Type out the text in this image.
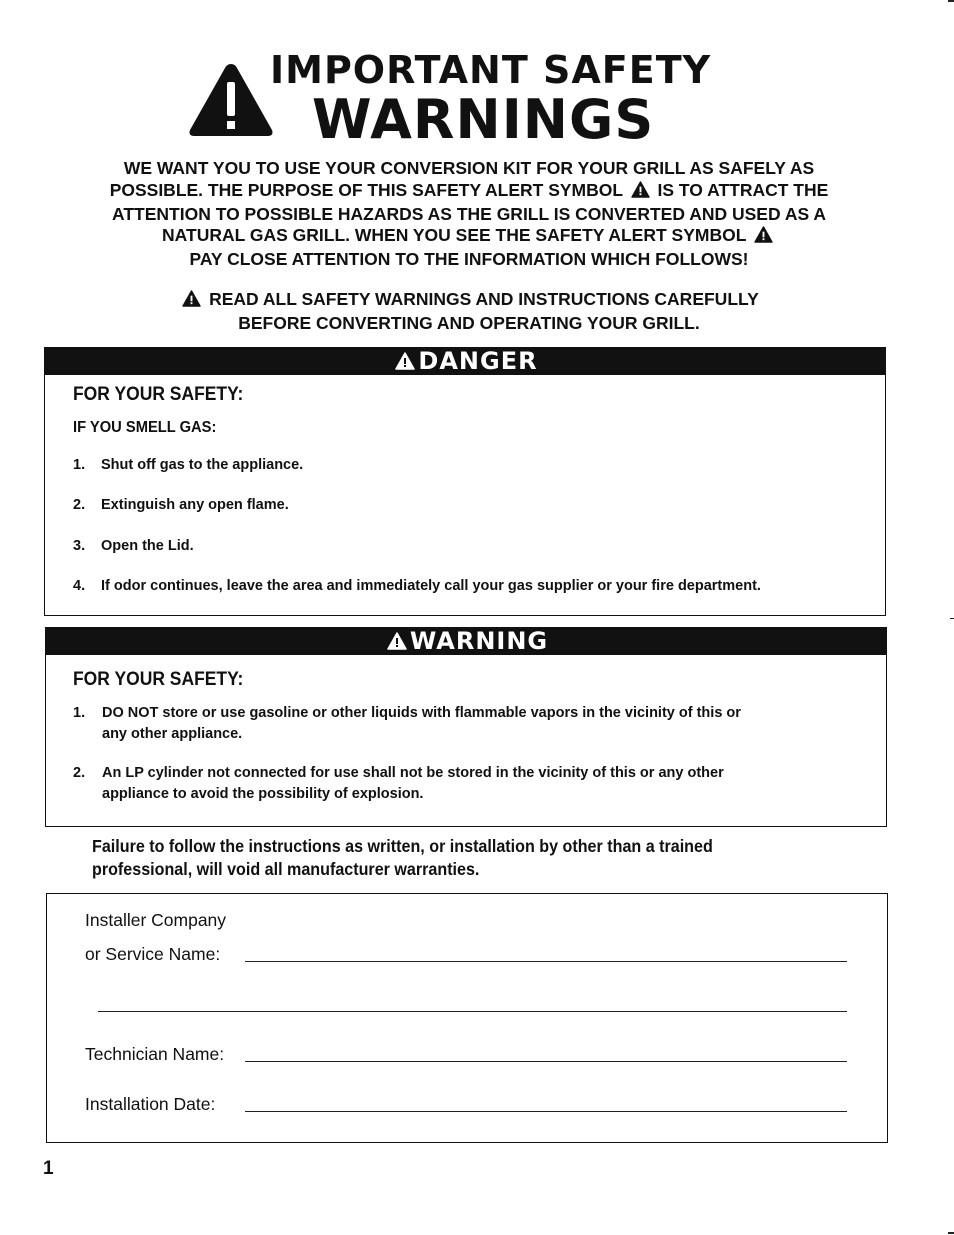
IMPORTANT SAFETY
WARNINGS
WE WANT YOU TO USE YOUR CONVERSION KIT FOR YOUR GRILL AS SAFELY AS
POSSIBLE. THE PURPOSE OF THIS SAFETY ALERT SYMBOL IS TO ATTRACT THE
ATTENTION TO POSSIBLE HAZARDS AS THE GRILL IS CONVERTED AND USED AS A
NATURAL GAS GRILL. WHEN YOU SEE THE SAFETY ALERT SYMBOL
PAY CLOSE ATTENTION TO THE INFORMATION WHICH FOLLOWS!
READ ALL SAFETY WARNINGS AND INSTRUCTIONS CAREFULLY
BEFORE CONVERTING AND OPERATING YOUR GRILL.
DANGER
FOR YOUR SAFETY:
IF YOU SMELL GAS:
1. Shut off gas to the appliance.
2. Extinguish any open flame.
3. Open the Lid.
4. If odor continues, leave the area and immediately call your gas supplier or your fire department.
WARNING
FOR YOUR SAFETY:
1. DO NOT store or use gasoline or other liquids with flammable vapors in the vicinity of this or
any other appliance.
2. An LP cylinder not connected for use shall not be stored in the vicinity of this or any other
appliance to avoid the possibility of explosion.
Failure to follow the instructions as written, or installation by other than a trained
professional, will void all manufacturer warranties.
Installer Company
or Service Name:
Technician Name:
Installation Date:
1
